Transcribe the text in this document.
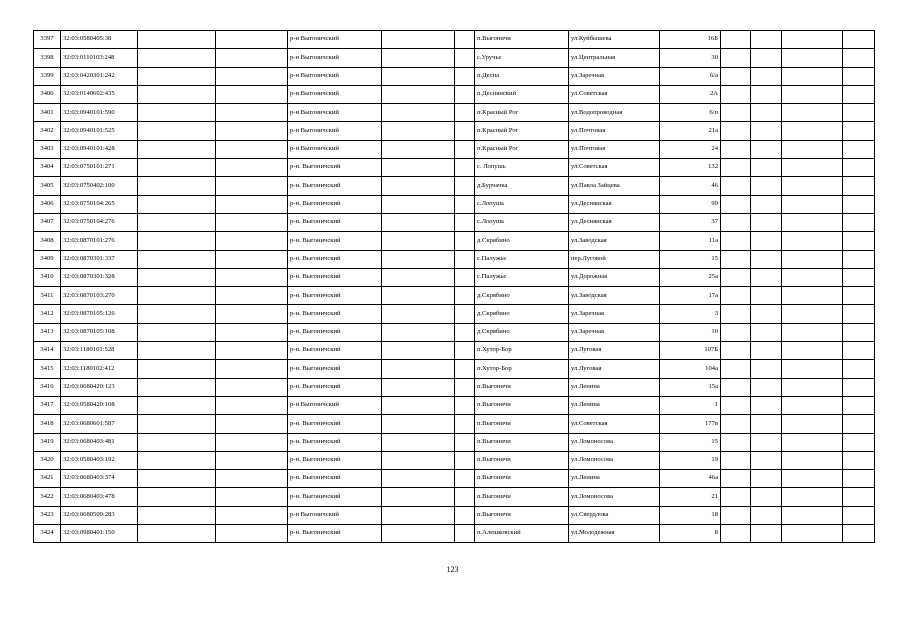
3397	32:03:0580405:38			р-н Выгоничский			п.Выгоничи	ул.Куйбышева	16Б				
3398	32:03:0110103:248			р-н Выгоничский			с.Уручье	ул.Центральная	30				
3399	32:03:0420301:242			р-н Выгоничский			п.Десна	ул.Заречная	6/а				
3400	32:03:0140602:435			р-н Выгоничский			п.Деснянский	ул.Советская	2А				
3401	32:03:0940101:590			р-н Выгоничский			п.Красный Рог	ул.Водопроводная	6/п				
3402	32:03:0940101:525			р-н Выгоничский			п.Красный Рог	ул.Почтовая	21а				
3403	32:03:0940101:428			р-н Выгоничский			п.Красный Рог	ул.Почтовая	24				
3404	32:03:0750101:271			р-н. Выгоничский			с. Лопушь	ул.Советская	132				
3405	32:03:0750402:100			р-н. Выгоничский			д.Бурчачка	ул.Павла Зайцева	46				
3406	32:03:0750104:265			р-н. Выгоничский			с.Лопушь	ул.Деснянская	99				
3407	32:03:0750104:276			р-н. Выгоничский			с.Лопушь	ул.Деснянская	37				
3408	32:03:0870101:276			р-н. Выгоничский			д.Скрябино	ул.Заводская	11а				
3409	32:03:0870301:337			р-н. Выгоничский			с.Палужье	пер.Луговой	15				
3410	32:03:0870301:328			р-н. Выгоничский			с.Палужье	ул.Дорожная	25а				
3411	32:03:0870103:270			р-н. Выгоничский			д.Скрябино	ул.Заводская	17а				
3412	32:03:0870105:126			р-н. Выгоничский			д.Скрябино	ул.Заречная	3				
3413	32:03:0870105:108			р-н. Выгоничский			д.Скрябино	ул.Заречная	10				
3414	32:03:1180101:528			р-н. Выгоничский			п.Хутор-Бор	ул.Луговая	107Б				
3415	32:03:1180102:412			р-н. Выгоничский			п.Хутор-Бор	ул.Луговая	104а				
3416	32:03:0680420:123			р-н. Выгоничский			п.Выгоничи	ул.Ленина	15а				
3417	32:03:0580420:108			р-н Выгоничский			п.Выгоничи	ул.Ленина	1				
3418	32:03:0680601:587			р-н. Выгоничский			п.Выгоничи	ул.Советская	177в				
3419	32:03:0680403:481			р-н. Выгоничский			п.Выгоничи	ул.Ломоносова	15				
3420	32:03:0580403:192			р-н. Выгоничский			п.Выгоничи	ул.Ломоносова	19				
3421	32:03:0680403:374			р-н. Выгоничский			п.Выгоничи	ул.Ленина	46а				
3422	32:03:0680403:478			р-н. Выгоничский			п.Выгоничи	ул.Ломоносова	21				
3423	32:03:0680509:283			р-н Выгоничский			п.Выгоничи	ул.Свердлова	18				
3424	32:03:0980401:150			р-н. Выгоничский			п.Алешковский	ул.Молодежная	8				
123
